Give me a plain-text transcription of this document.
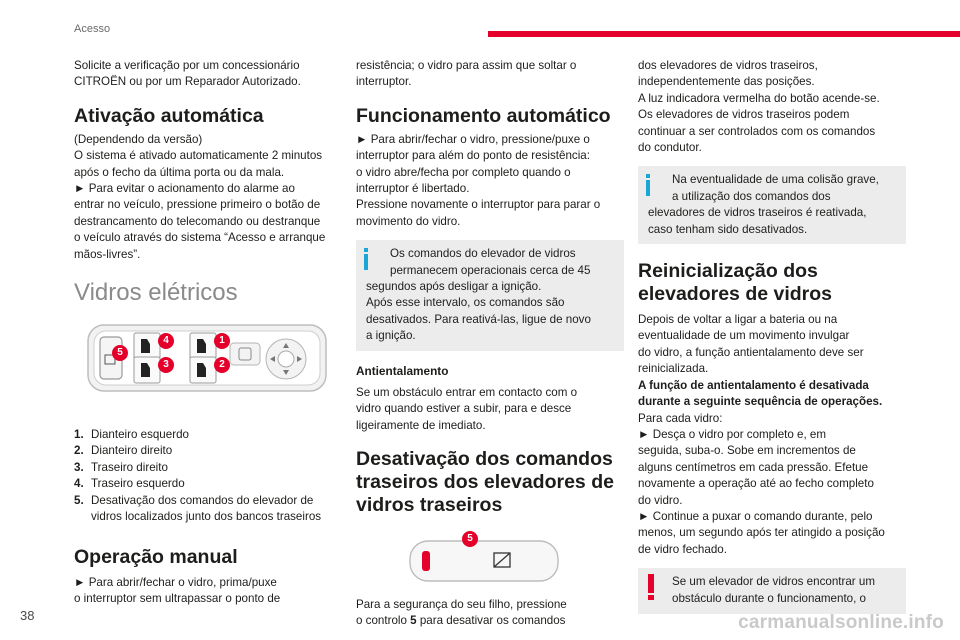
Acesso

Solicite a verificação por um concessionário

CITROËN ou por um Reparador Autorizado.

Ativação automática

(Dependendo da versão)

O sistema é ativado automaticamente 2 minutos

após o fecho da última porta ou da mala.

► Para evitar o acionamento do alarme ao

entrar no veículo, pressione primeiro o botão de

destrancamento do telecomando ou destranque

o veículo através do sistema “Acesso e arranque

mãos-livres”.

Vidros elétricos
5
4
3
1
2
1. Dianteiro esquerdo
2. Dianteiro direito
3. Traseiro direito
4. Traseiro esquerdo
5. Desativação dos comandos do elevador de
vidros localizados junto dos bancos traseiros
Operação manual

► Para abrir/fechar o vidro, prima/puxe

o interruptor sem ultrapassar o ponto de

resistência; o vidro para assim que soltar o

interruptor.

Funcionamento automático

► Para abrir/fechar o vidro, pressione/puxe o

interruptor para além do ponto de resistência:

o vidro abre/fecha por completo quando o

interruptor é libertado.

Pressione novamente o interruptor para parar o

movimento do vidro.

Os comandos do elevador de vidros
permanecem operacionais cerca de 45
segundos após desligar a ignição.
Após esse intervalo, os comandos são
desativados. Para reativá-las, ligue de novo
a ignição.
Antientalamento

Se um obstáculo entrar em contacto com o

vidro quando estiver a subir, para e desce

ligeiramente de imediato.

Desativação dos comandos
traseiros dos elevadores de
vidros traseiros
5

Para a segurança do seu filho, pressione

o controlo 5 para desativar os comandos

dos elevadores de vidros traseiros,

independentemente das posições.

A luz indicadora vermelha do botão acende-se.

Os elevadores de vidros traseiros podem

continuar a ser controlados com os comandos

do condutor.

Na eventualidade de uma colisão grave,
a utilização dos comandos dos
elevadores de vidros traseiros é reativada,
caso tenham sido desativados.
Reinicialização dos
elevadores de vidros

Depois de voltar a ligar a bateria ou na

eventualidade de um movimento invulgar

do vidro, a função antientalamento deve ser

reinicializada.

A função de antientalamento é desativada

durante a seguinte sequência de operações.

Para cada vidro:

► Desça o vidro por completo e, em

seguida, suba-o. Sobe em incrementos de

alguns centímetros em cada pressão. Efetue

novamente a operação até ao fecho completo

do vidro.

► Continue a puxar o comando durante, pelo

menos, um segundo após ter atingido a posição

de vidro fechado.

Se um elevador de vidros encontrar um
obstáculo durante o funcionamento, o
38	carmanualsonline.info
